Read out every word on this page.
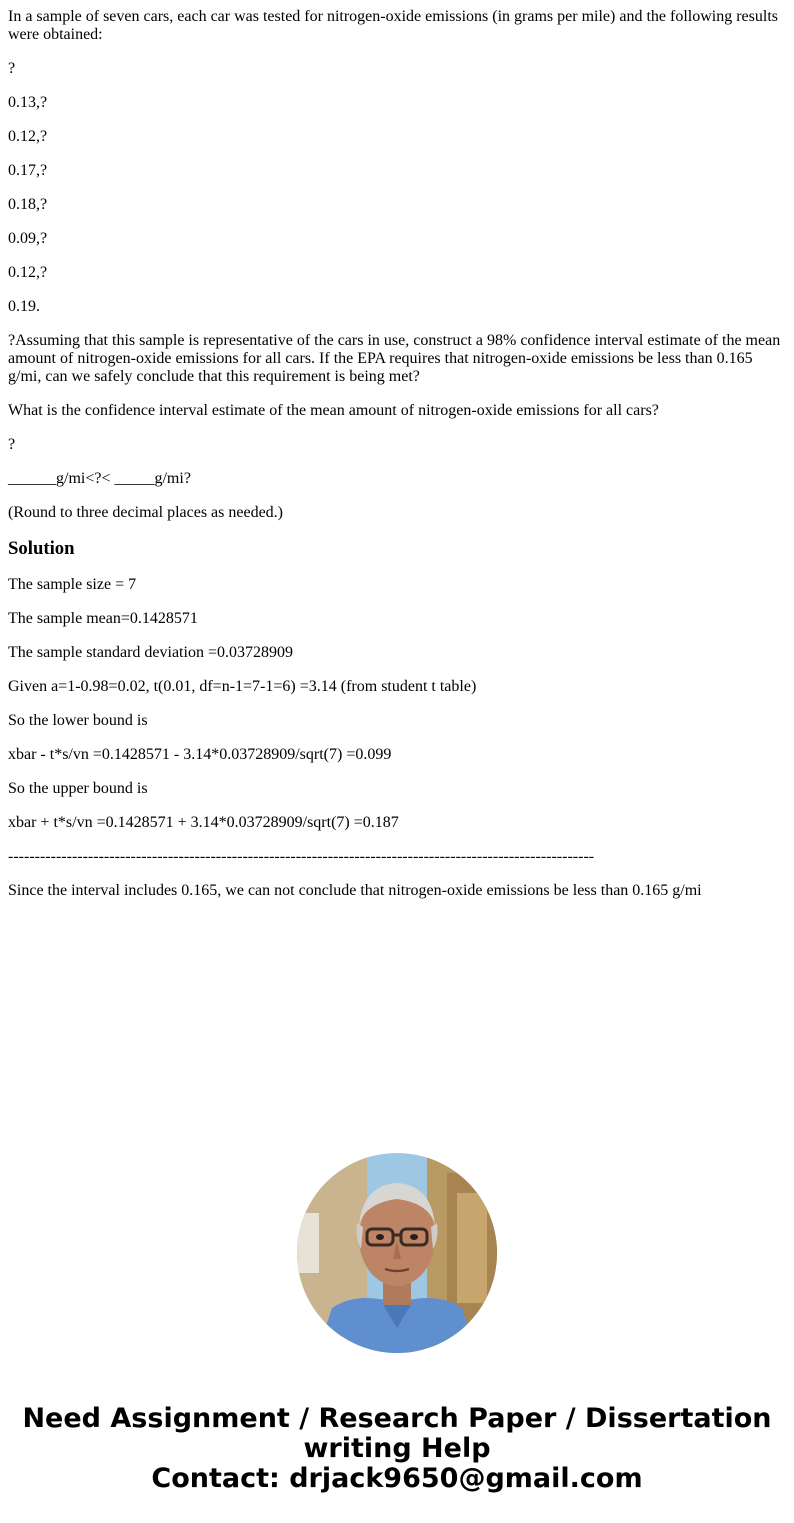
In a sample of seven cars, each car was tested for nitrogen-oxide emissions (in grams per mile) and the following results were obtained:

?

0.13,?

0.12,?

0.17,?

0.18,?

0.09,?

0.12,?

0.19.

?Assuming that this sample is representative of the cars in use, construct a 98% confidence interval estimate of the mean amount of nitrogen-oxide emissions for all cars. If the EPA requires that nitrogen-oxide emissions be less than 0.165 g/mi, can we safely conclude that this requirement is being met?

What is the confidence interval estimate of the mean amount of nitrogen-oxide emissions for all cars?

?

______g/mi<?< _____g/mi?

(Round to three decimal places as needed.)

Solution

The sample size = 7

The sample mean=0.1428571

The sample standard deviation =0.03728909

Given a=1-0.98=0.02, t(0.01, df=n-1=7-1=6) =3.14 (from student t table)

So the lower bound is

xbar - t*s/vn =0.1428571 - 3.14*0.03728909/sqrt(7) =0.099

So the upper bound is

xbar + t*s/vn =0.1428571 + 3.14*0.03728909/sqrt(7) =0.187

--------------------------------------------------------------------------------------------------------------

Since the interval includes 0.165, we can not conclude that nitrogen-oxide emissions be less than 0.165 g/mi

Need Assignment / Research Paper / Dissertation
writing Help
Contact: drjack9650@gmail.com
